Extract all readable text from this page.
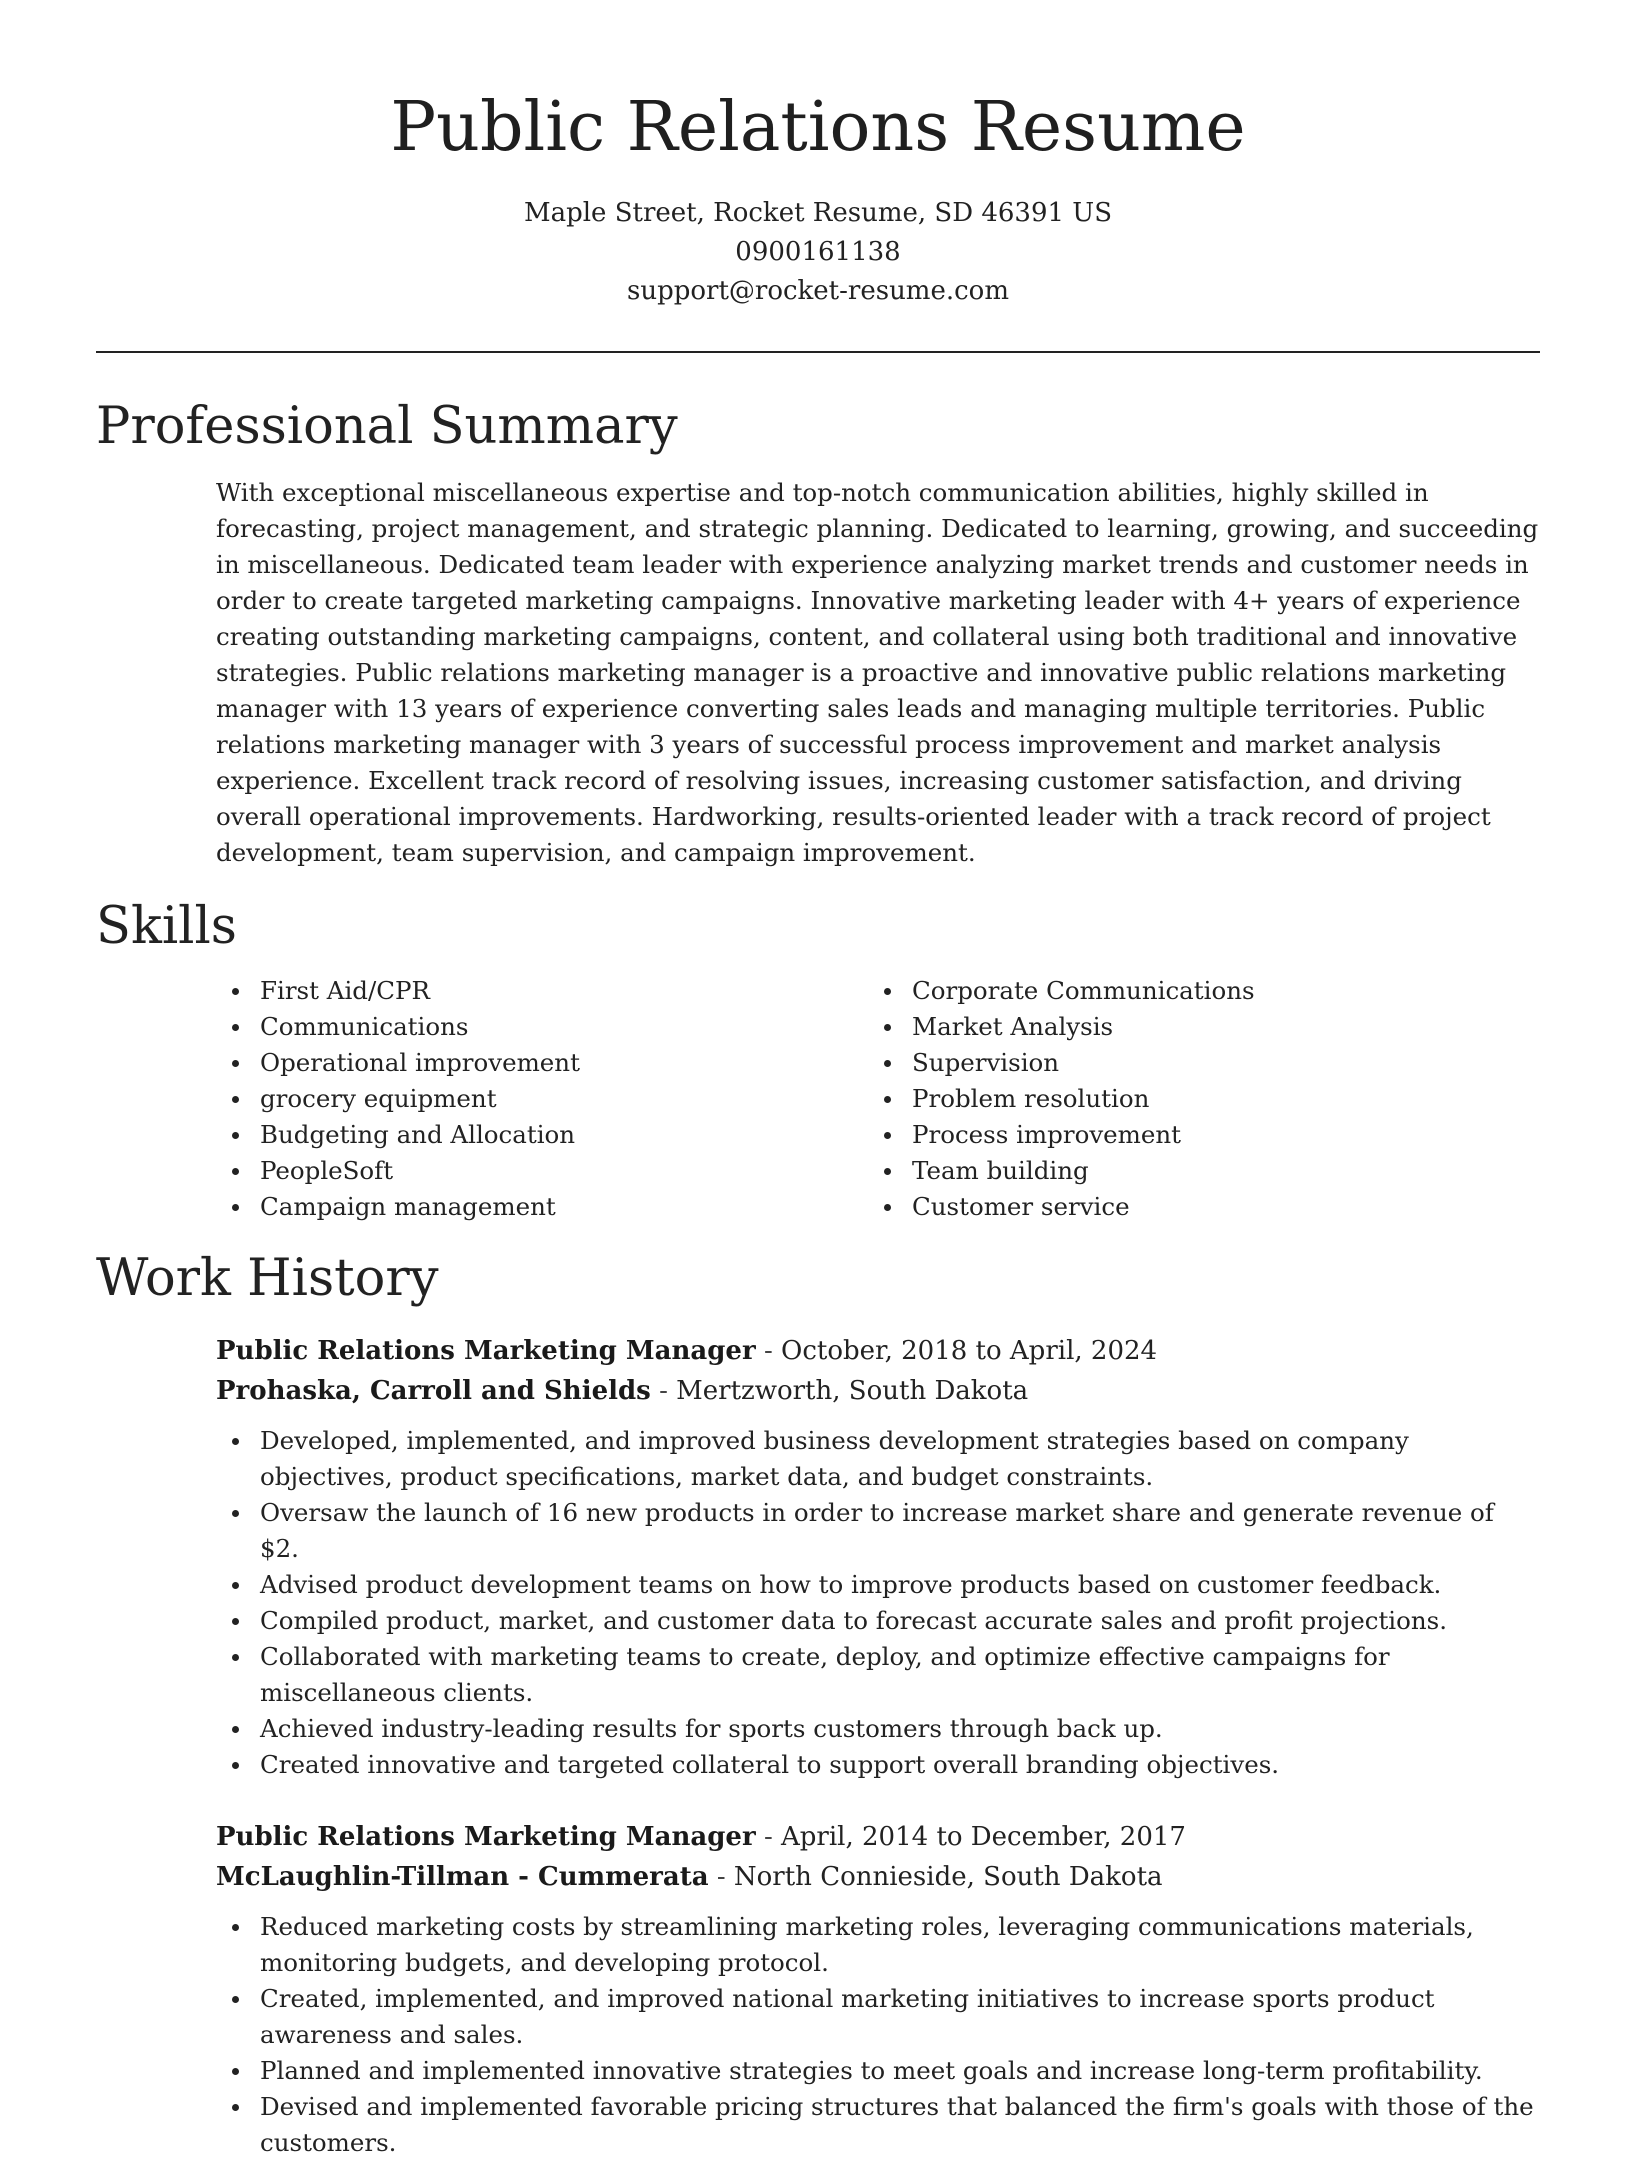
Public Relations Resume
Maple Street, Rocket Resume, SD 46391 US
0900161138
support@rocket-resume.com
Professional Summary

With exceptional miscellaneous expertise and top-notch communication abilities, highly skilled in forecasting, project management, and strategic planning. Dedicated to learning, growing, and succeeding in miscellaneous. Dedicated team leader with experience analyzing market trends and customer needs in order to create targeted marketing campaigns. Innovative marketing leader with 4+ years of experience creating outstanding marketing campaigns, content, and collateral using both traditional and innovative strategies. Public relations marketing manager is a proactive and innovative public relations marketing manager with 13 years of experience converting sales leads and managing multiple territories. Public relations marketing manager with 3 years of successful process improvement and market analysis experience. Excellent track record of resolving issues, increasing customer satisfaction, and driving overall operational improvements. Hardworking, results-oriented leader with a track record of project development, team supervision, and campaign improvement.

Skills
First Aid/CPR
Communications
Operational improvement
grocery equipment
Budgeting and Allocation
PeopleSoft
Campaign management
Corporate Communications
Market Analysis
Supervision
Problem resolution
Process improvement
Team building
Customer service
Work History
Public Relations Marketing Manager - October, 2018 to April, 2024
Prohaska, Carroll and Shields - Mertzworth, South Dakota
Developed, implemented, and improved business development strategies based on company objectives, product specifications, market data, and budget constraints.
Oversaw the launch of 16 new products in order to increase market share and generate revenue of $2.
Advised product development teams on how to improve products based on customer feedback.
Compiled product, market, and customer data to forecast accurate sales and profit projections.
Collaborated with marketing teams to create, deploy, and optimize effective campaigns for miscellaneous clients.
Achieved industry-leading results for sports customers through back up.
Created innovative and targeted collateral to support overall branding objectives.
Public Relations Marketing Manager - April, 2014 to December, 2017
McLaughlin-Tillman - Cummerata - North Connieside, South Dakota
Reduced marketing costs by streamlining marketing roles, leveraging communications materials, monitoring budgets, and developing protocol.
Created, implemented, and improved national marketing initiatives to increase sports product awareness and sales.
Planned and implemented innovative strategies to meet goals and increase long-term profitability.
Devised and implemented favorable pricing structures that balanced the firm's goals with those of the customers.
